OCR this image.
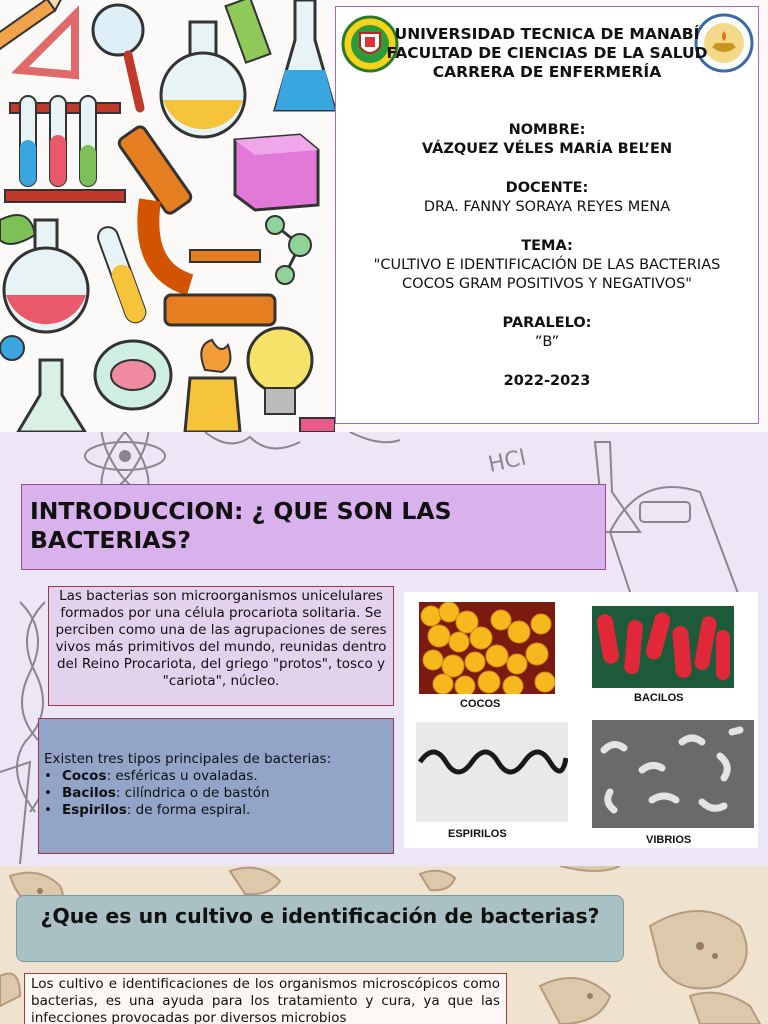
UNIVERSIDAD TECNICA DE MANABÍ
FACULTAD DE CIENCIAS DE LA SALUD
CARRERA DE ENFERMERÍA
NOMBRE:
VÁZQUEZ VÉLES MARÍA BEL’EN
DOCENTE:
DRA. FANNY SORAYA REYES MENA
TEMA:
"CULTIVO E IDENTIFICACIÓN DE LAS BACTERIAS COCOS GRAM POSITIVOS Y NEGATIVOS"
PARALELO:
”B”
2022-2023
HCl
INTRODUCCION: ¿ QUE SON LAS BACTERIAS?
Las bacterias son microorganismos unicelulares formados por una célula procariota solitaria. Se perciben como una de las agrupaciones de seres vivos más primitivos del mundo, reunidas dentro del Reino Procariota, del griego "protos", tosco y "cariota", núcleo.
Existen tres tipos principales de bacterias:
• Cocos: esféricas u ovaladas.
• Bacilos: cilíndrica o de bastón
• Espirilos: de forma espiral.
COCOS	BACILOS
ESPIRILOS	VIBRIOS
¿Que es un cultivo e identificación de bacterias?
Los cultivo e identificaciones de los organismos microscópicos como bacterias, es una ayuda para los tratamiento y cura, ya que las infecciones provocadas por diversos microbios
